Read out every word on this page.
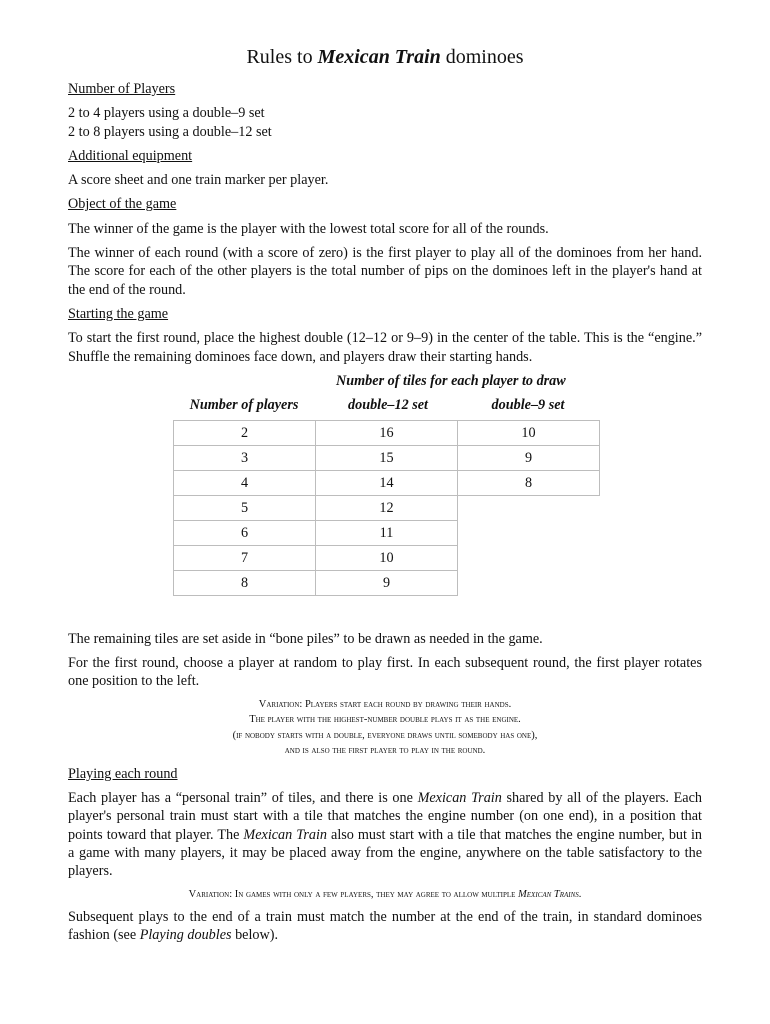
Rules to Mexican Train dominoes
Number of Players
2 to 4 players using a double–9 set
2 to 8 players using a double–12 set
Additional equipment

A score sheet and one train marker per player.

Object of the game

The winner of the game is the player with the lowest total score for all of the rounds.

The winner of each round (with a score of zero) is the first player to play all of the dominoes from her hand. The score for each of the other players is the total number of pips on the dominoes left in the player's hand at the end of the round.

Starting the game

To start the first round, place the highest double (12–12 or 9–9) in the center of the table. This is the “engine.” Shuffle the remaining dominoes face down, and players draw their starting hands.

Number of tiles for each player to draw
Number of players	double–12 set	double–9 set
2	16	10
3	15	9
4	14	8
5	12	
6	11	
7	10	
8	9	

The remaining tiles are set aside in “bone piles” to be drawn as needed in the game.

For the first round, choose a player at random to play first. In each subsequent round, the first player rotates one position to the left.

Variation: Players start each round by drawing their hands.
The player with the highest-number double plays it as the engine.
(if nobody starts with a double, everyone draws until somebody has one),
and is also the first player to play in the round.
Playing each round

Each player has a “personal train” of tiles, and there is one Mexican Train shared by all of the players. Each player's personal train must start with a tile that matches the engine number (on one end), in a position that points toward that player. The Mexican Train also must start with a tile that matches the engine number, but in a game with many players, it may be placed away from the engine, anywhere on the table satisfactory to the players.

Variation: In games with only a few players, they may agree to allow multiple Mexican Trains.

Subsequent plays to the end of a train must match the number at the end of the train, in standard dominoes fashion (see Playing doubles below).
